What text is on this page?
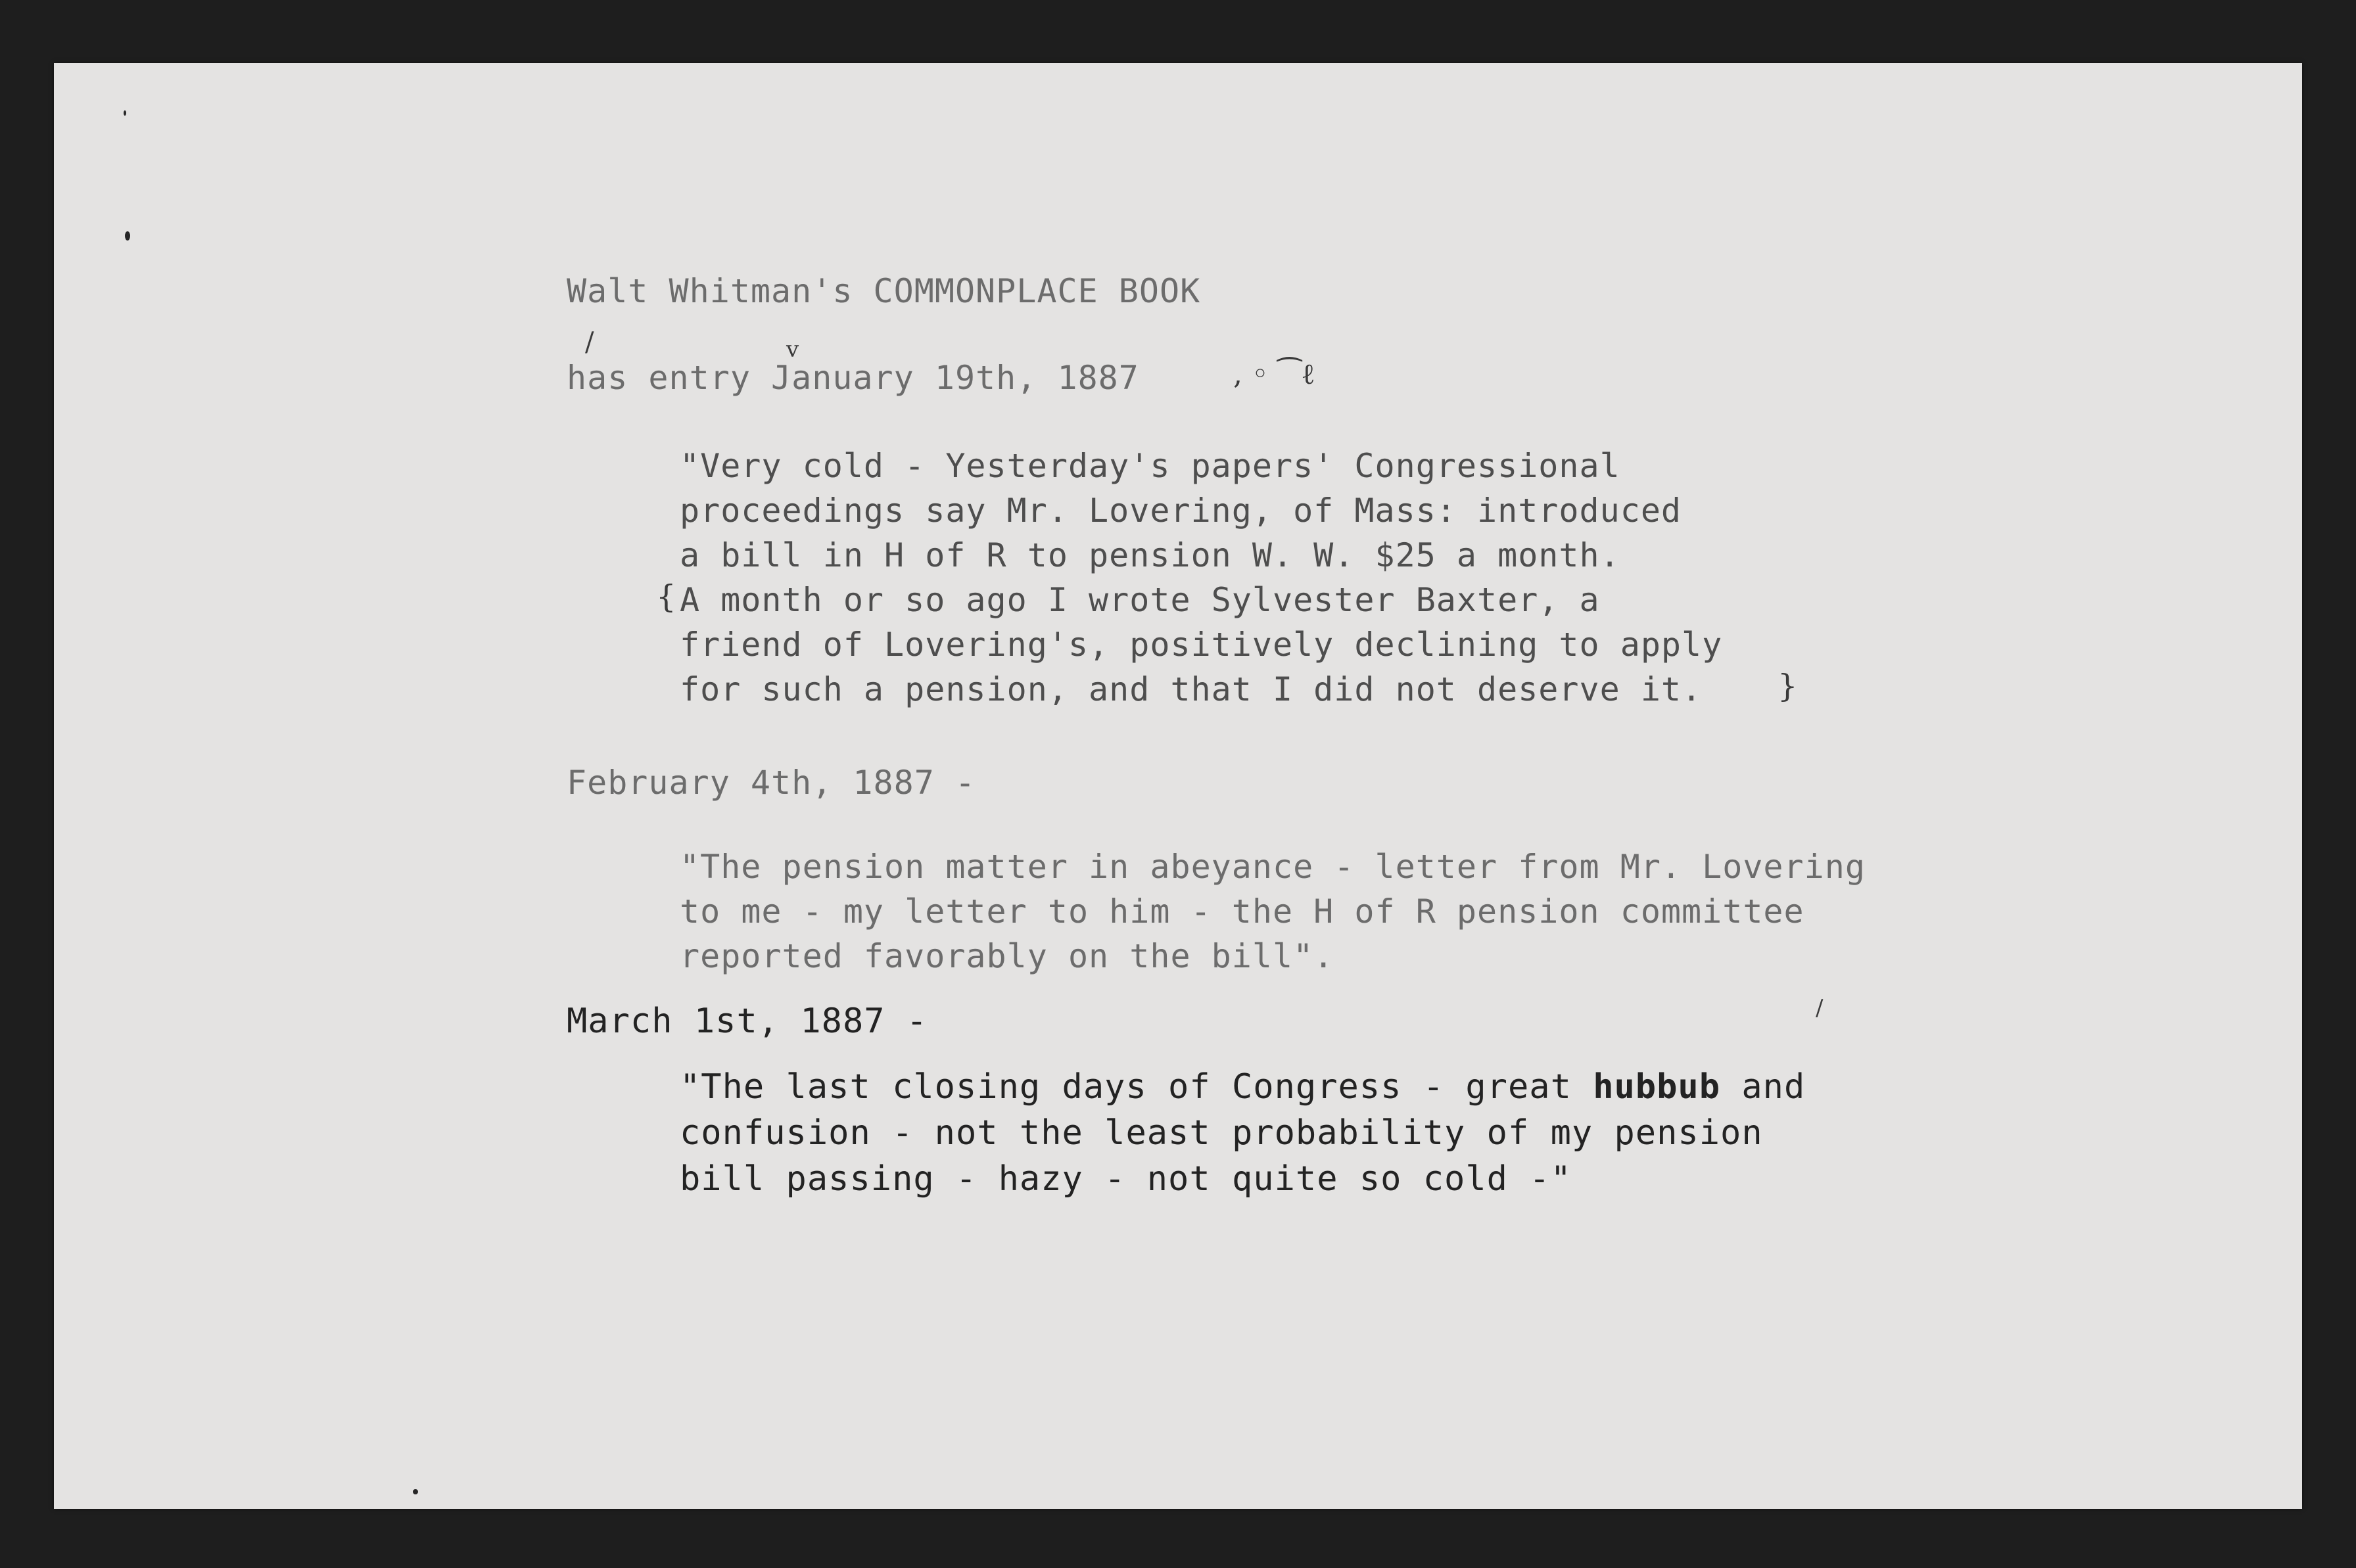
Walt Whitman's COMMONPLACE BOOK
has entry January 19th, 1887
/	v
, ◦ ⁀ℓ
"Very cold - Yesterday's papers' Congressional
proceedings say Mr. Lovering, of Mass: introduced
a bill in H of R to pension W. W. $25 a month.
A month or so ago I wrote Sylvester Baxter, a
friend of Lovering's, positively declining to apply
for such a pension, and that I did not deserve it.
{
}
February 4th, 1887 -
"The pension matter in abeyance - letter from Mr. Lovering
to me - my letter to him - the H of R pension committee
reported favorably on the bill".
/
March 1st, 1887 -
"The last closing days of Congress - great hubbub and
confusion - not the least probability of my pension
bill passing - hazy - not quite so cold -"
